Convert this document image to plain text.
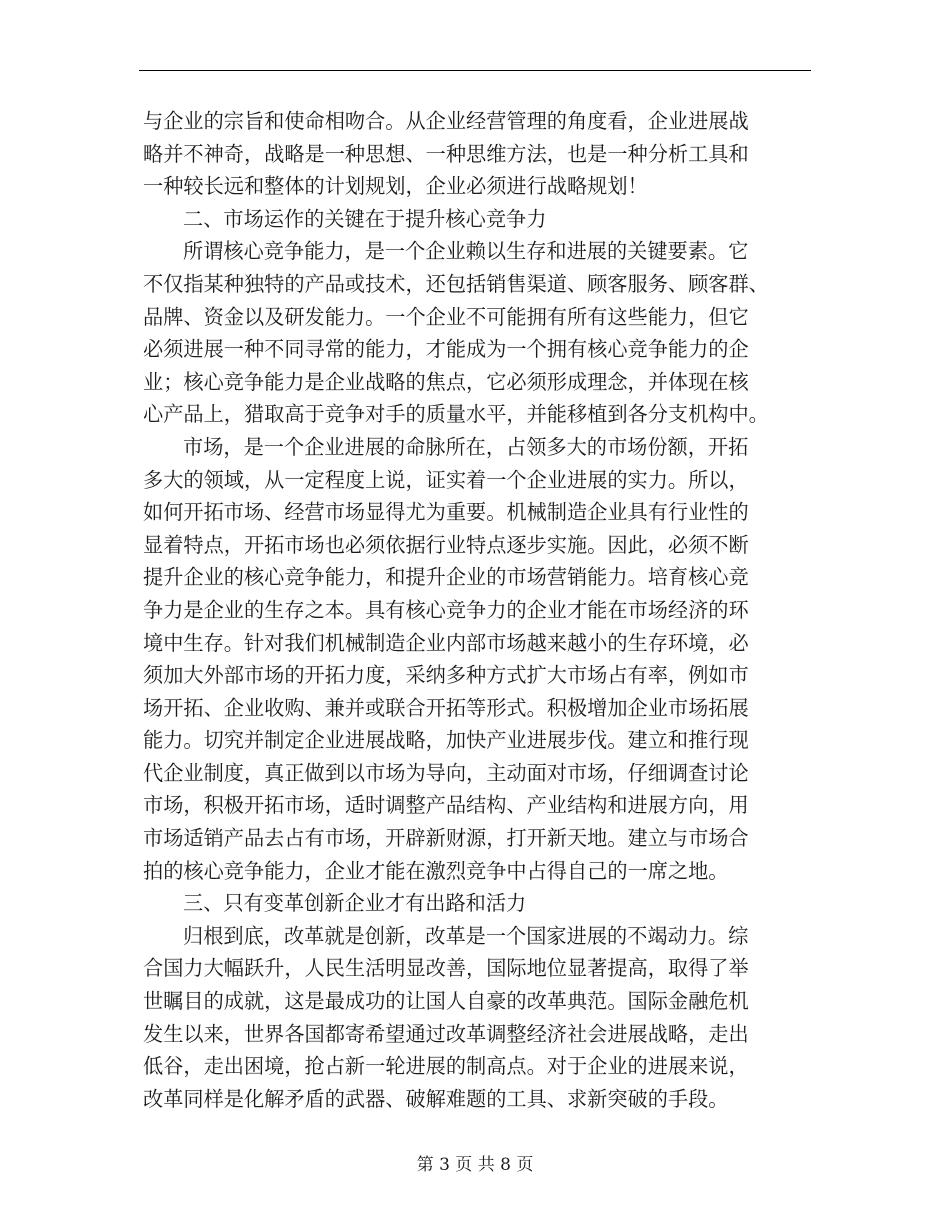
与企业的宗旨和使命相吻合。从企业经营管理的角度看，企业进展战
略并不神奇，战略是一种思想、一种思维方法，也是一种分析工具和
一种较长远和整体的计划规划，企业必须进行战略规划！
二、市场运作的关键在于提升核心竞争力
所谓核心竞争能力，是一个企业赖以生存和进展的关键要素。它
不仅指某种独特的产品或技术，还包括销售渠道、顾客服务、顾客群、
品牌、资金以及研发能力。一个企业不可能拥有所有这些能力，但它
必须进展一种不同寻常的能力，才能成为一个拥有核心竞争能力的企
业；核心竞争能力是企业战略的焦点，它必须形成理念，并体现在核
心产品上，猎取高于竞争对手的质量水平，并能移植到各分支机构中。
市场，是一个企业进展的命脉所在，占领多大的市场份额，开拓
多大的领域，从一定程度上说，证实着一个企业进展的实力。所以，
如何开拓市场、经营市场显得尤为重要。机械制造企业具有行业性的
显着特点，开拓市场也必须依据行业特点逐步实施。因此，必须不断
提升企业的核心竞争能力，和提升企业的市场营销能力。培育核心竞
争力是企业的生存之本。具有核心竞争力的企业才能在市场经济的环
境中生存。针对我们机械制造企业内部市场越来越小的生存环境，必
须加大外部市场的开拓力度，采纳多种方式扩大市场占有率，例如市
场开拓、企业收购、兼并或联合开拓等形式。积极增加企业市场拓展
能力。切究并制定企业进展战略，加快产业进展步伐。建立和推行现
代企业制度，真正做到以市场为导向，主动面对市场，仔细调查讨论
市场，积极开拓市场，适时调整产品结构、产业结构和进展方向，用
市场适销产品去占有市场，开辟新财源，打开新天地。建立与市场合
拍的核心竞争能力，企业才能在激烈竞争中占得自己的一席之地。
三、只有变革创新企业才有出路和活力
归根到底，改革就是创新，改革是一个国家进展的不竭动力。综
合国力大幅跃升，人民生活明显改善，国际地位显著提高，取得了举
世瞩目的成就，这是最成功的让国人自豪的改革典范。国际金融危机
发生以来，世界各国都寄希望通过改革调整经济社会进展战略，走出
低谷，走出困境，抢占新一轮进展的制高点。对于企业的进展来说，
改革同样是化解矛盾的武器、破解难题的工具、求新突破的手段。
第 3 页 共 8 页
